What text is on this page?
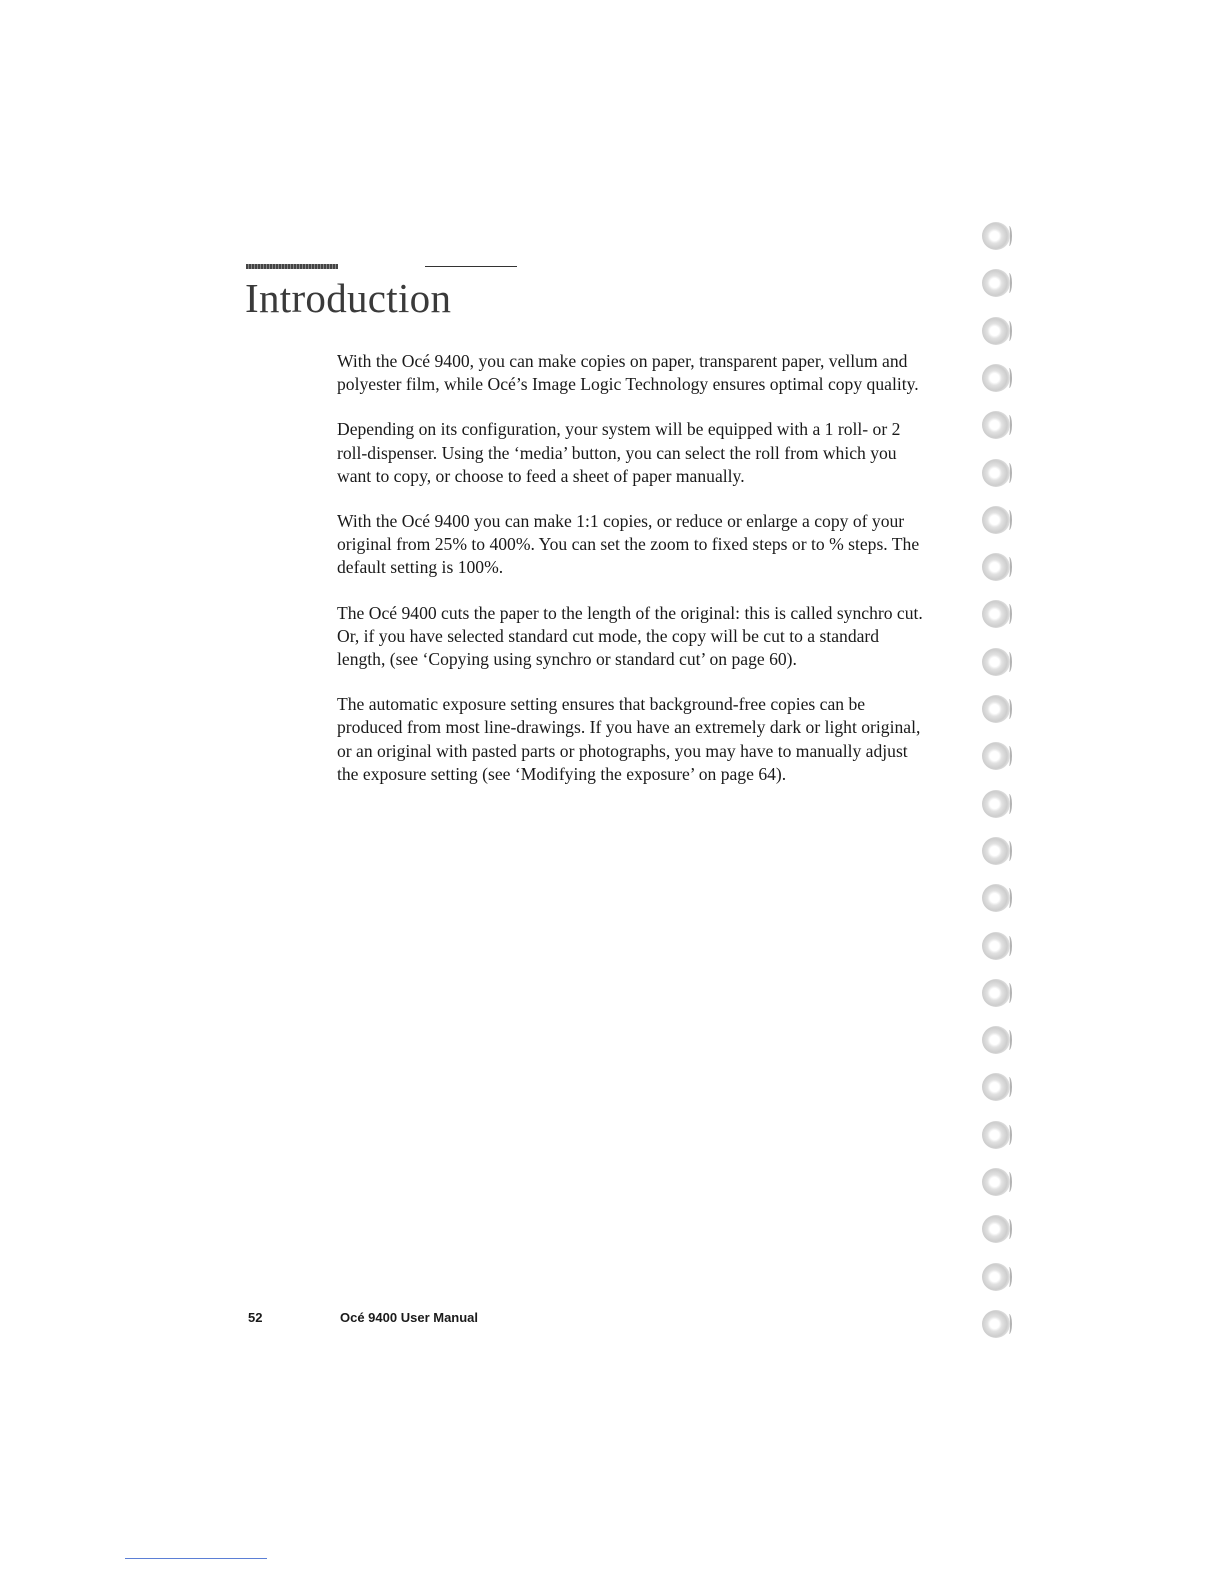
Introduction

With the Océ 9400, you can make copies on paper, transparent paper, vellum and polyester film, while Océ’s Image Logic Technology ensures optimal copy quality.

Depending on its configuration, your system will be equipped with a 1 roll- or 2 roll-dispenser. Using the ‘media’ button, you can select the roll from which you want to copy, or choose to feed a sheet of paper manually.

With the Océ 9400 you can make 1:1 copies, or reduce or enlarge a copy of your original from 25% to 400%. You can set the zoom to fixed steps or to % steps. The default setting is 100%.

The Océ 9400 cuts the paper to the length of the original: this is called synchro cut. Or, if you have selected standard cut mode, the copy will be cut to a standard length, (see ‘Copying using synchro or standard cut’ on page 60).

The automatic exposure setting ensures that background-free copies can be produced from most line-drawings. If you have an extremely dark or light original, or an original with pasted parts or photographs, you may have to manually adjust the exposure setting (see ‘Modifying the exposure’ on page 64).

52	Océ 9400 User Manual
